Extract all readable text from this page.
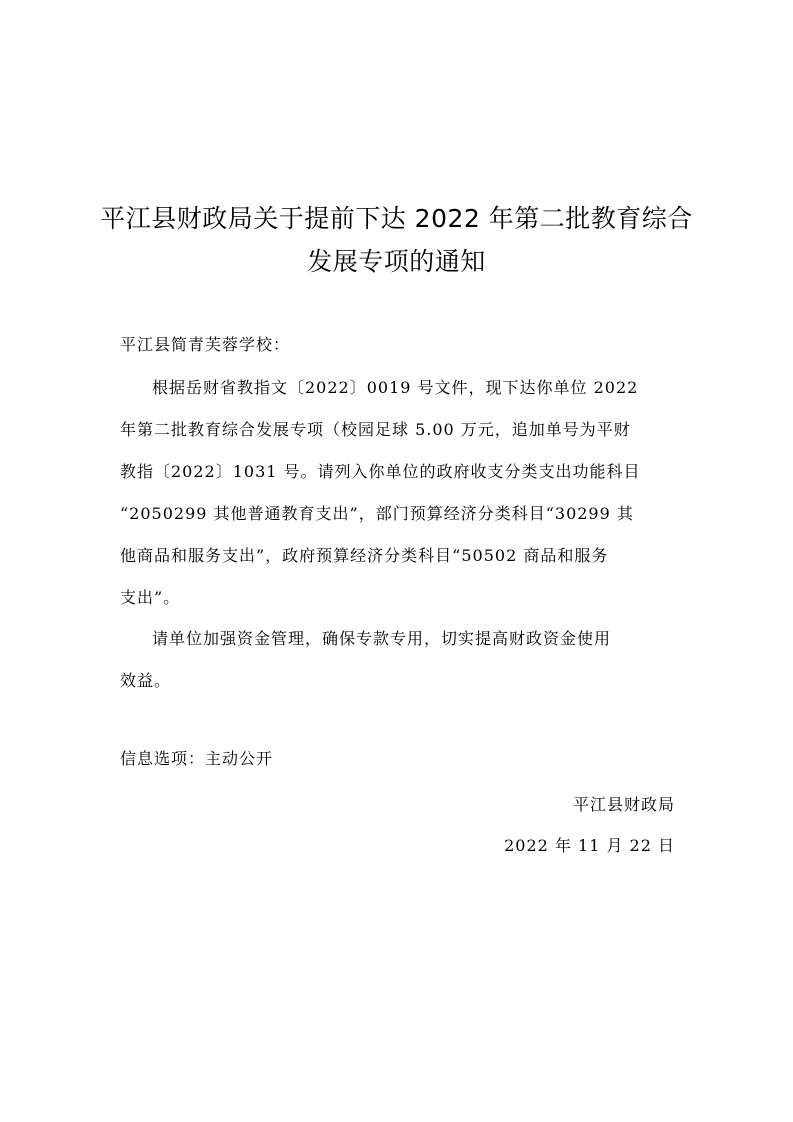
平江县财政局关于提前下达 2022 年第二批教育综合
发展专项的通知
平江县简青芙蓉学校：
根据岳财省教指文〔2022〕0019 号文件，现下达你单位 2022
年第二批教育综合发展专项（校园足球 5.00 万元，追加单号为平财
教指〔2022〕1031 号。请列入你单位的政府收支分类支出功能科目
“2050299 其他普通教育支出”，部门预算经济分类科目“30299 其
他商品和服务支出”，政府预算经济分类科目“50502 商品和服务
支出”。
请单位加强资金管理，确保专款专用，切实提高财政资金使用
效益。
信息选项：主动公开
平江县财政局
2022 年 11 月 22 日
